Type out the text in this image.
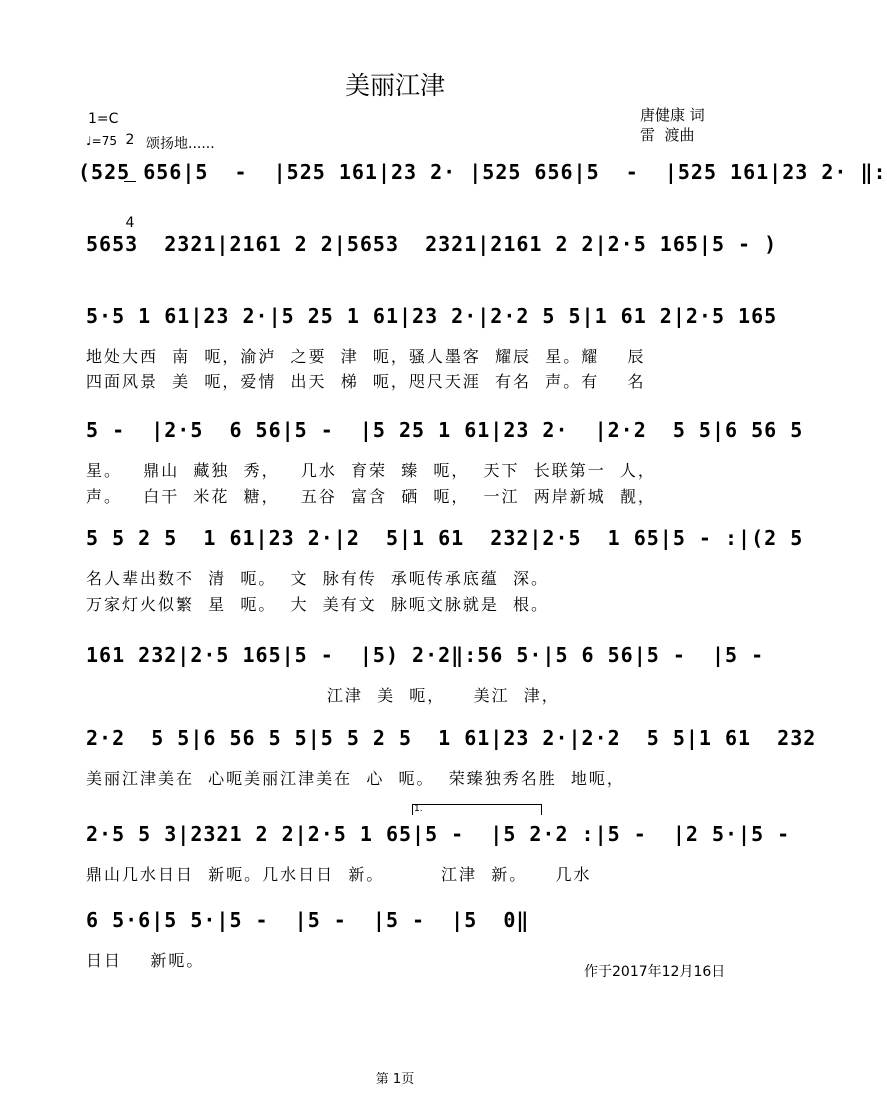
美丽江津
唐健康 词
雷  渡曲
1=C

2

4

♩=75 颂扬地......
(525 656|5  -  |525 161|23 2· |525 656|5  -  |525 161|23 2· ‖:
5653  2321|2161 2 2|5653  2321|2161 2 2|2·5 165|5 - )
5·5 1 61|23 2·|5 25 1 61|23 2·|2·2 5 5|1 61 2|2·5 165
地处大西  南  呃，渝泸  之要  津  呃，骚人墨客  耀辰  星。耀    辰
四面风景  美  呃，爱情  出天  梯  呃，咫尺天涯  有名  声。有    名
5 -  |2·5  6 56|5 -  |5 25 1 61|23 2·  |2·2  5 5|6 56 5
星。   鼎山  藏独  秀，   几水  育荣  臻  呃，  天下  长联第一  人，
声。   白干  米花  糖，   五谷  富含  硒  呃，  一江  两岸新城  靓，
5 5 2 5  1 61|23 2·|2  5|1 61  232|2·5  1 65|5 - :|(2 5
名人辈出数不  清  呃。  文  脉有传  承呃传承底蕴  深。
万家灯火似繁  星  呃。  大  美有文  脉呃文脉就是  根。
161 232|2·5 165|5 -  |5) 2·2‖:56 5·|5 6 56|5 -  |5 -
江津  美  呃，    美江  津，
2·2  5 5|6 56 5 5|5 5 2 5  1 61|23 2·|2·2  5 5|1 61  232
美丽江津美在  心呃美丽江津美在  心  呃。  荣臻独秀名胜  地呃，
1.
2·5 5 3|2321 2 2|2·5 1 65|5 -  |5 2·2 :|5 -  |2 5·|5 -
鼎山几水日日  新呃。几水日日  新。        江津  新。    几水
6 5·6|5 5·|5 -  |5 -  |5 -  |5  0‖
日日    新呃。
作于2017年12月16日
第 1页
